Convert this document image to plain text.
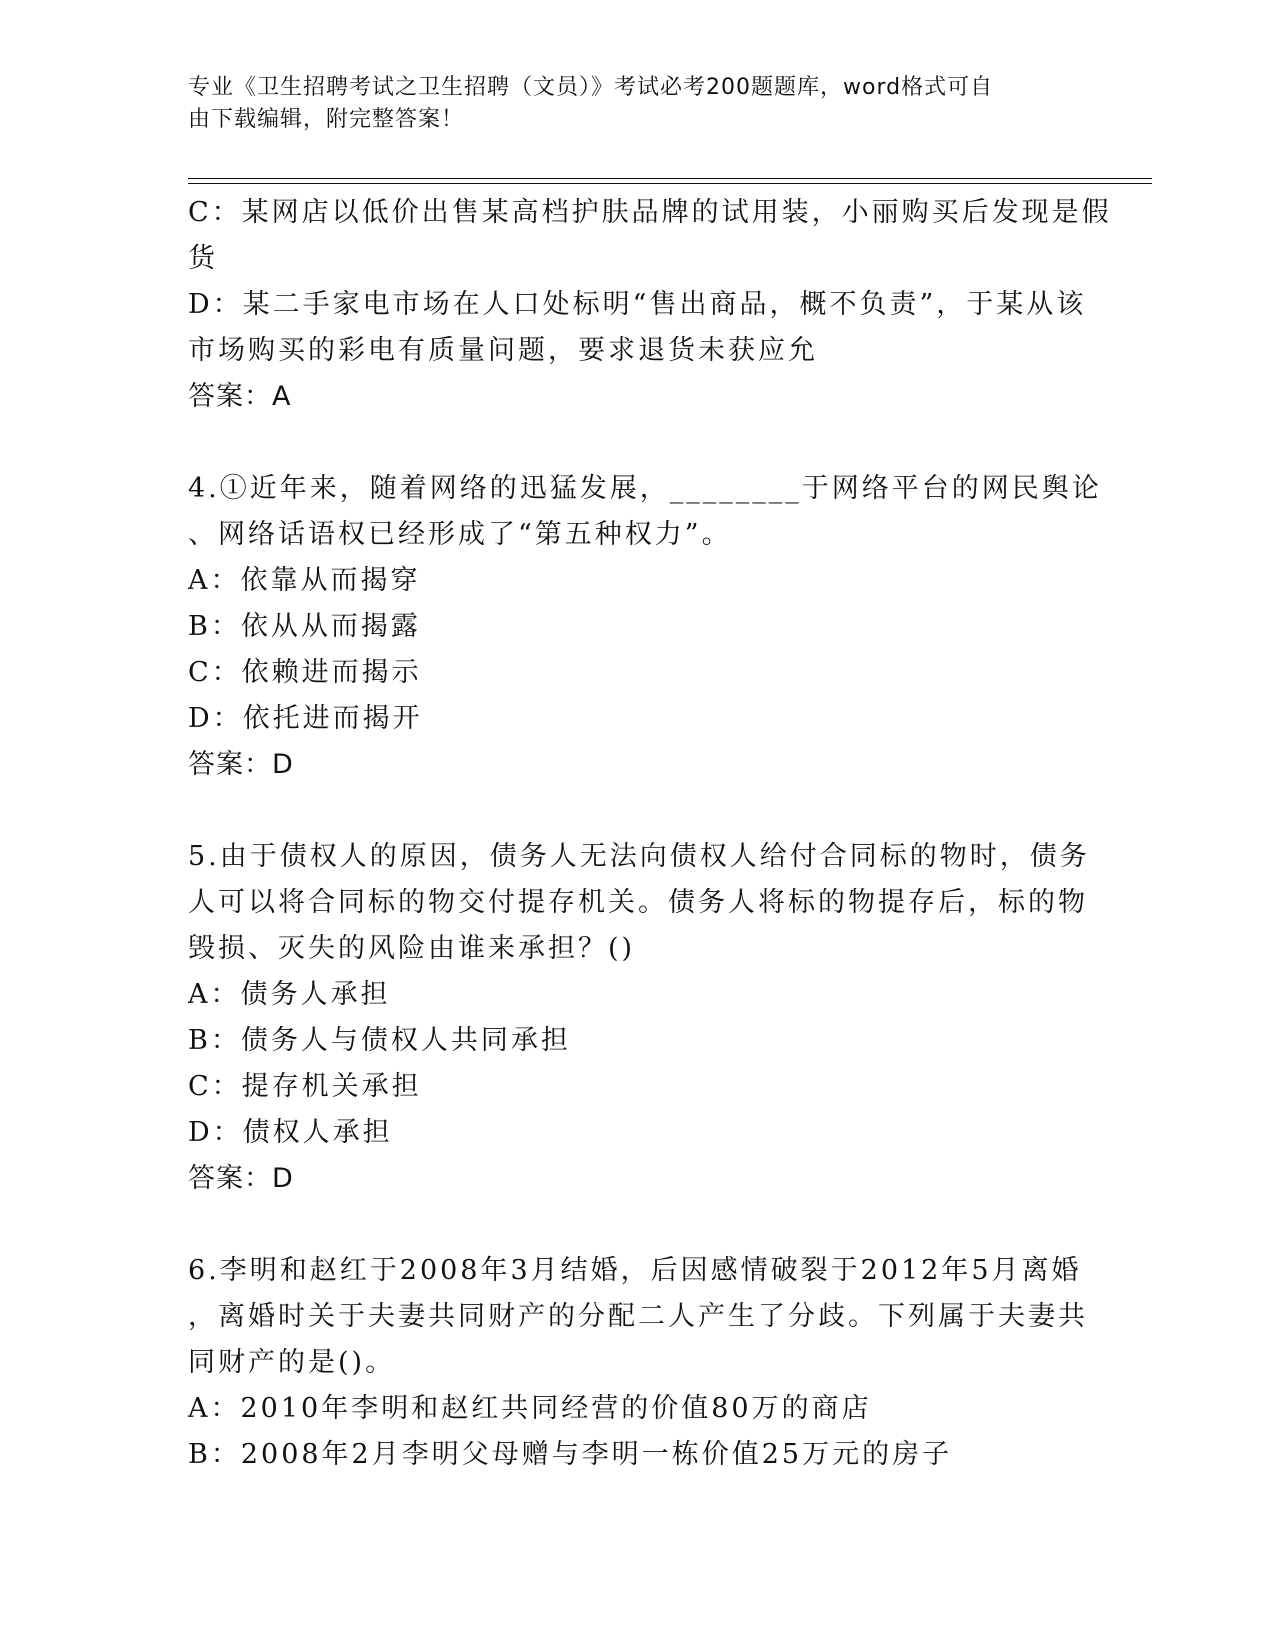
专业《卫生招聘考试之卫生招聘（文员）》考试必考200题题库，word格式可自
由下载编辑，附完整答案！
C：某网店以低价出售某高档护肤品牌的试用装，小丽购买后发现是假
货
D：某二手家电市场在人口处标明“售出商品，概不负责”，于某从该
市场购买的彩电有质量问题，要求退货未获应允
答案：A
4.①近年来，随着网络的迅猛发展，________于网络平台的网民舆论
、网络话语权已经形成了“第五种权力”。
A：依靠从而揭穿
B：依从从而揭露
C：依赖进而揭示
D：依托进而揭开
答案：D
5.由于债权人的原因，债务人无法向债权人给付合同标的物时，债务
人可以将合同标的物交付提存机关。债务人将标的物提存后，标的物
毁损、灭失的风险由谁来承担？()
A：债务人承担
B：债务人与债权人共同承担
C：提存机关承担
D：债权人承担
答案：D
6.李明和赵红于2008年3月结婚，后因感情破裂于2012年5月离婚
，离婚时关于夫妻共同财产的分配二人产生了分歧。下列属于夫妻共
同财产的是()。
A：2010年李明和赵红共同经营的价值80万的商店
B：2008年2月李明父母赠与李明一栋价值25万元的房子
